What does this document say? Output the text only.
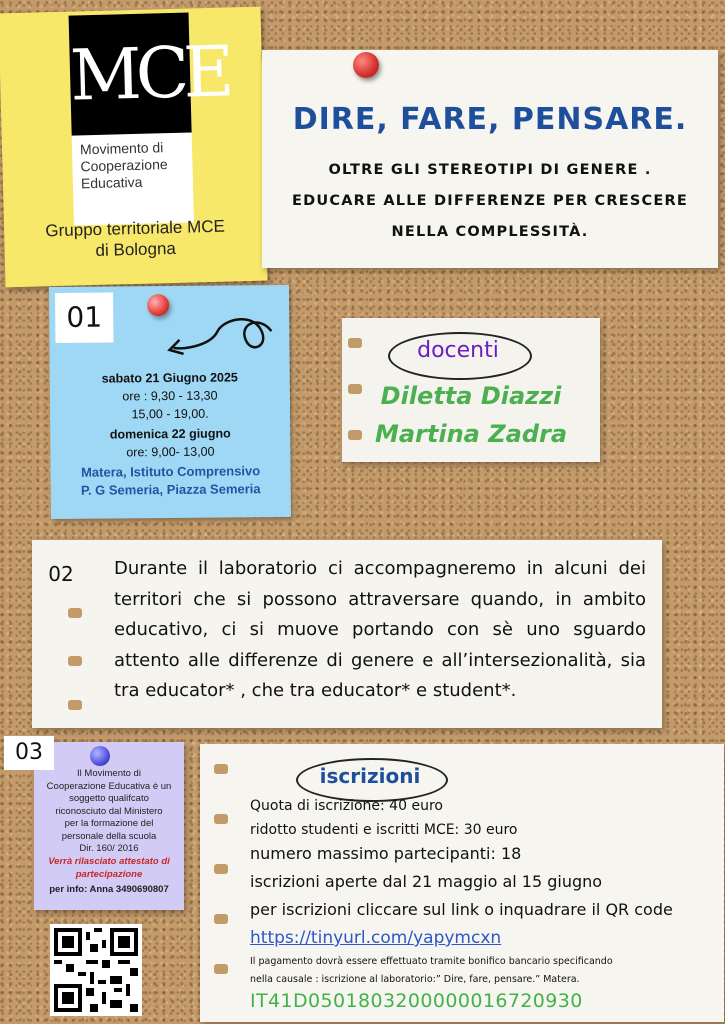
MCE
Movimento di
Cooperazione
Educativa
Gruppo territoriale MCE
di Bologna
DIRE, FARE, PENSARE.
OLTRE GLI STEREOTIPI DI GENERE .
EDUCARE ALLE DIFFERENZE PER CRESCERE
NELLA COMPLESSITÀ.
01
sabato 21 Giugno 2025
ore : 9,30 - 13,30
15,00 - 19,00.
domenica 22 giugno
ore: 9,00- 13,00
Matera, Istituto Comprensivo
P. G Semeria, Piazza Semeria
docenti
Diletta Diazzi
Martina Zadra
02	Durante il laboratorio ci accompagneremo in alcuni dei territori che si possono attraversare quando, in ambito educativo, ci si muove portando con sè uno sguardo attento alle differenze di genere e all’intersezionalità, sia tra educator* , che tra educator* e student*.
Il Movimento di
Cooperazione Educativa è un
soggetto qualifcato
riconosciuto dal Ministero
per la formazione del
personale della scuola
Dir. 160/ 2016
Verrà rilasciato attestato di
partecipazione
per info: Anna 3490690807
03
iscrizioni
Quota di iscrizione: 40 euro
ridotto studenti e iscritti MCE: 30 euro
numero massimo partecipanti: 18
iscrizioni aperte dal 21 maggio al 15 giugno
per iscrizioni cliccare sul link o inquadrare il QR code
https://tinyurl.com/yapymcxn
Il pagamento dovrà essere effettuato tramite bonifico bancario specificando
nella causale : iscrizione al laboratorio:” Dire, fare, pensare.” Matera.
IT41D0501803200000016720930
